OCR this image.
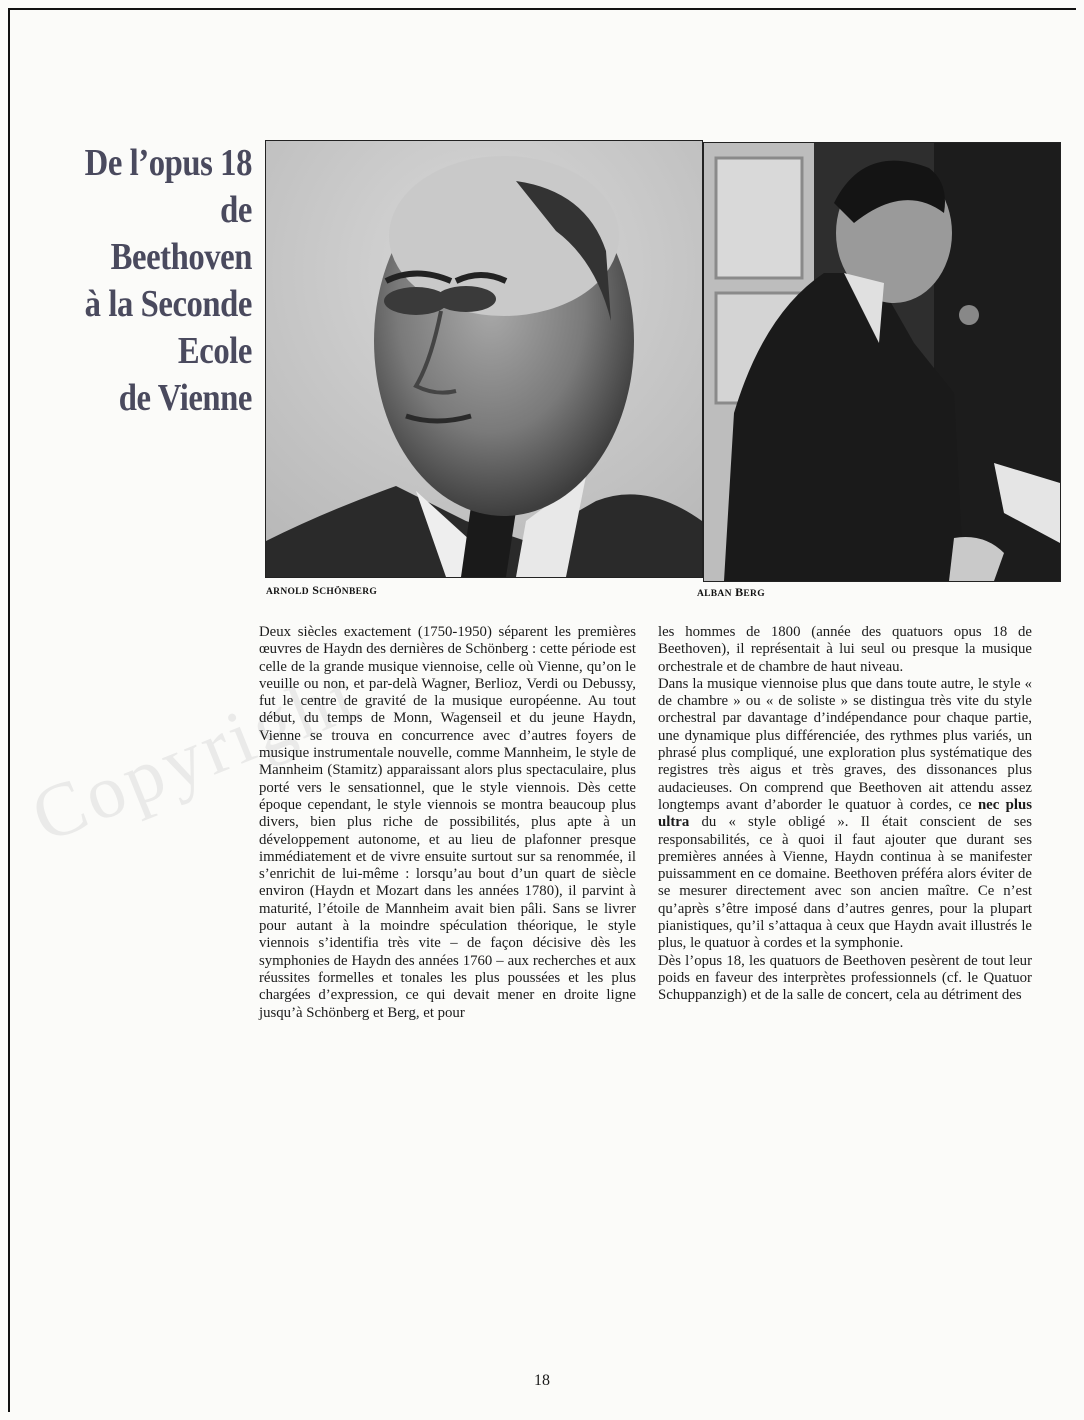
Copyright
De l’opus 18 de
Beethoven
à la Seconde
Ecole
de Vienne
ARNOLD SCHÖNBERG	ALBAN BERG

Deux siècles exactement (1750-1950) séparent les premières œuvres de Haydn des dernières de Schönberg : cette période est celle de la grande musique viennoise, celle où Vienne, qu’on le veuille ou non, et par-delà Wagner, Berlioz, Verdi ou Debussy, fut le centre de gravité de la musique européenne. Au tout début, du temps de Monn, Wagenseil et du jeune Haydn, Vienne se trouva en concurrence avec d’autres foyers de musique instrumentale nouvelle, comme Mannheim, le style de Mannheim (Stamitz) apparaissant alors plus spectaculaire, plus porté vers le sensationnel, que le style viennois. Dès cette époque cependant, le style viennois se montra beaucoup plus divers, bien plus riche de possibilités, plus apte à un développement autonome, et au lieu de plafonner presque immédiatement et de vivre ensuite surtout sur sa renommée, il s’enrichit de lui-même : lorsqu’au bout d’un quart de siècle environ (Haydn et Mozart dans les années 1780), il parvint à maturité, l’étoile de Mannheim avait bien pâli. Sans se livrer pour autant à la moindre spéculation théorique, le style viennois s’identifia très vite – de façon décisive dès les symphonies de Haydn des années 1760 – aux recherches et aux réussites formelles et tonales les plus poussées et les plus chargées d’expression, ce qui devait mener en droite ligne jusqu’à Schönberg et Berg, et pour

les hommes de 1800 (année des quatuors opus 18 de Beethoven), il représentait à lui seul ou presque la musique orchestrale et de chambre de haut niveau.

Dans la musique viennoise plus que dans toute autre, le style « de chambre » ou « de soliste » se distingua très vite du style orchestral par davantage d’indépendance pour chaque partie, une dynamique plus différenciée, des rythmes plus variés, un phrasé plus compliqué, une exploration plus systématique des registres très aigus et très graves, des dissonances plus audacieuses. On comprend que Beethoven ait attendu assez longtemps avant d’aborder le quatuor à cordes, ce nec plus ultra du « style obligé ». Il était conscient de ses responsabilités, ce à quoi il faut ajouter que durant ses premières années à Vienne, Haydn continua à se manifester puissamment en ce domaine. Beethoven préféra alors éviter de se mesurer directement avec son ancien maître. Ce n’est qu’après s’être imposé dans d’autres genres, pour la plupart pianistiques, qu’il s’attaqua à ceux que Haydn avait illustrés le plus, le quatuor à cordes et la symphonie.

Dès l’opus 18, les quatuors de Beethoven pesèrent de tout leur poids en faveur des interprètes professionnels (cf. le Quatuor Schuppanzigh) et de la salle de concert, cela au détriment des

18
